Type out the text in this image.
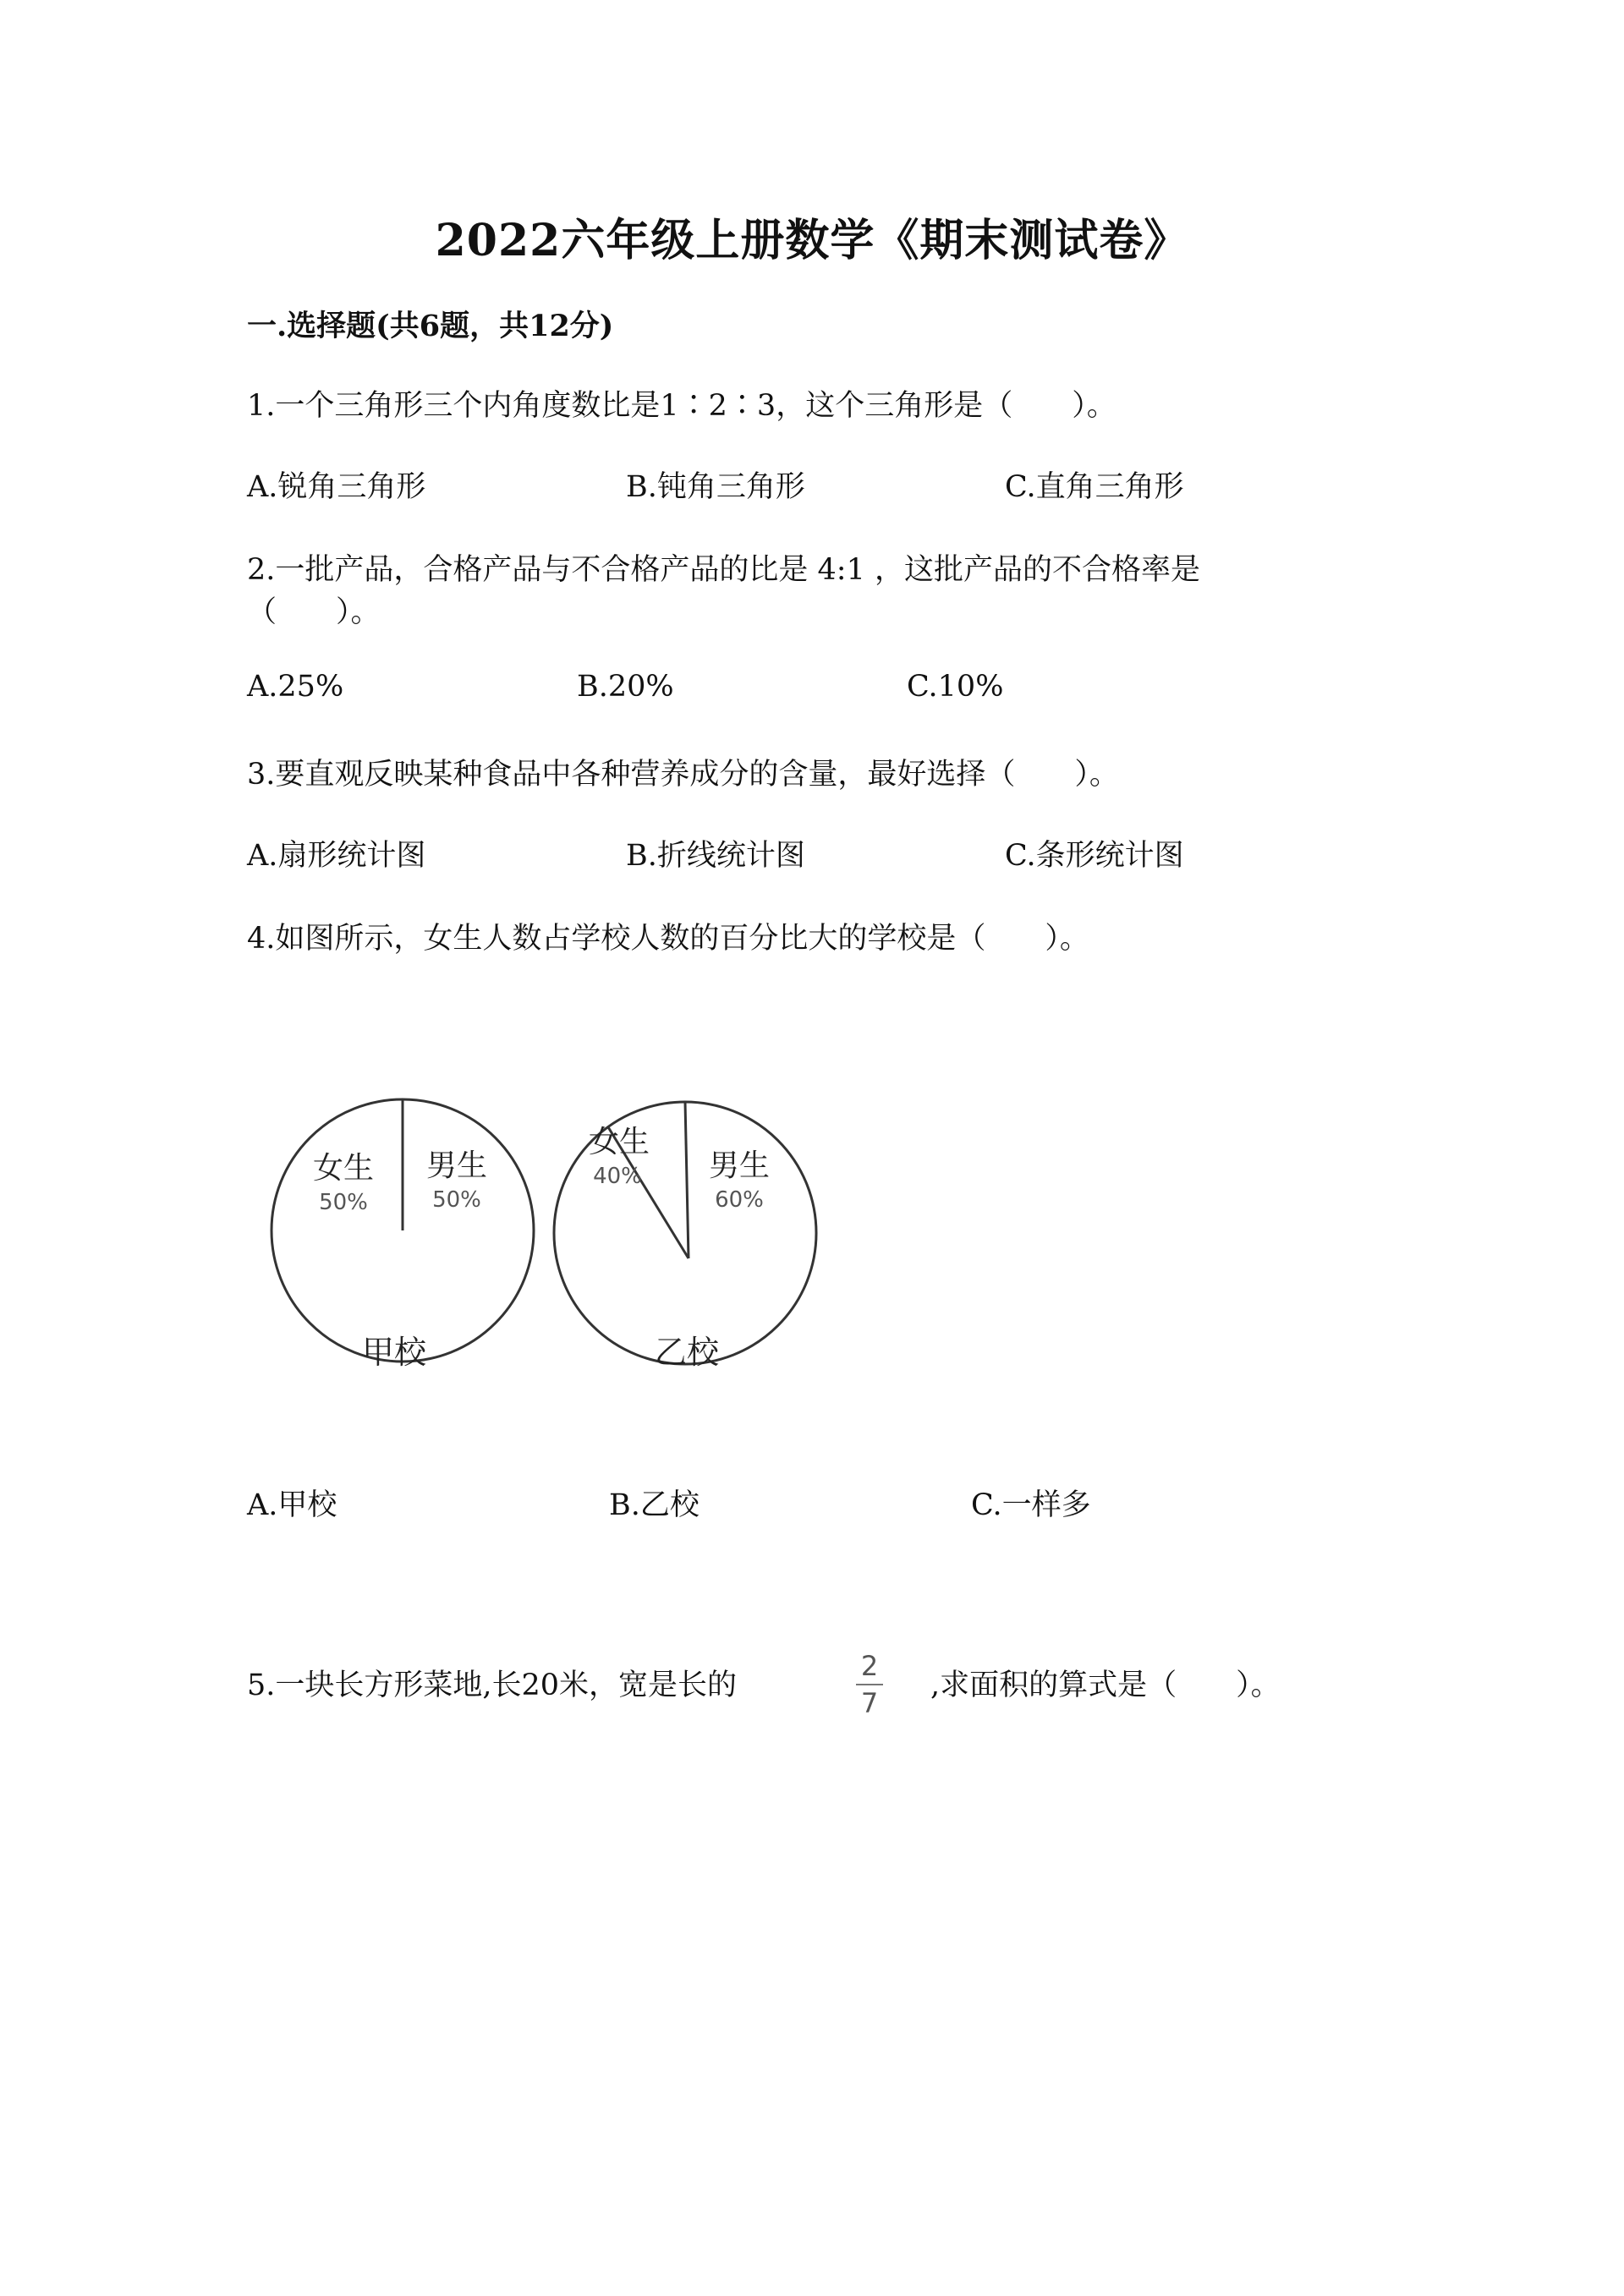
2022六年级上册数学《期末测试卷》
一.选择题(共6题，共12分)
1.一个三角形三个内角度数比是1∶2∶3，这个三角形是（　　）。
A.锐角三角形	B.钝角三角形	C.直角三角形
2.一批产品，合格产品与不合格产品的比是 4:1 ，这批产品的不合格率是
（　　）。
A.25%	B.20%	C.10%
3.要直观反映某种食品中各种营养成分的含量，最好选择（　　）。
A.扇形统计图	B.折线统计图	C.条形统计图
4.如图所示，女生人数占学校人数的百分比大的学校是（　　）。
女生
50%
男生
50%
甲校
女生
40% 男生
60%
乙校
A.甲校	B.乙校	C.一样多
5.一块长方形菜地,长20米，宽是长的
2
7
,求面积的算式是（　　）。
